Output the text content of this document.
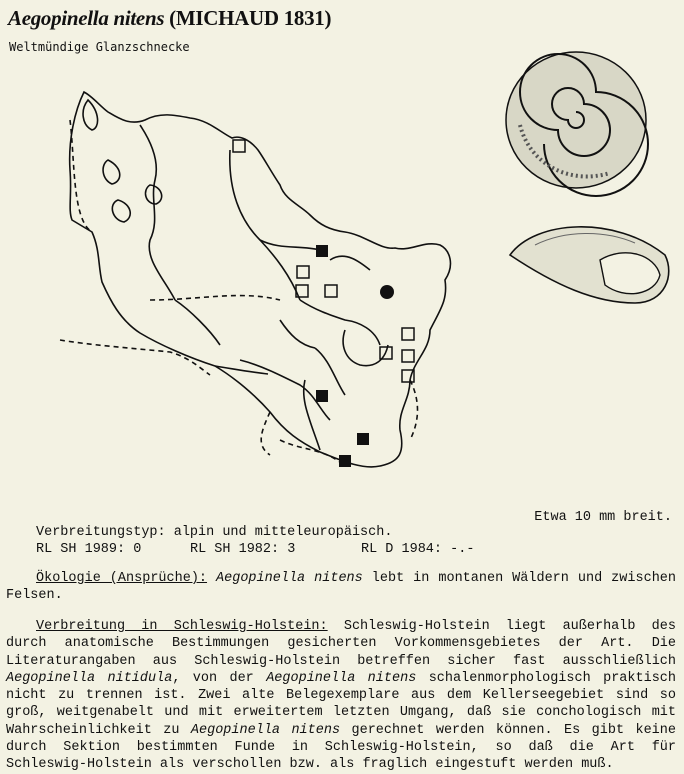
Aegopinella nitens (MICHAUD 1831)
Weltmündige Glanzschnecke
Etwa 10 mm breit.
Verbreitungstyp: alpin und mitteleuropäisch.
RL SH 1989: 0	RL SH 1982: 3	RL D 1984: -.-

Ökologie (Ansprüche): Aegopinella nitens lebt in montanen Wäldern und zwischen Felsen.

Verbreitung in Schleswig-Holstein: Schleswig-Holstein liegt außerhalb des durch anatomische Bestimmungen gesicherten Vorkommensgebietes der Art. Die Literaturangaben aus Schleswig-Holstein betreffen sicher fast ausschließlich Aegopinella nitidula, von der Aegopinella nitens schalenmorphologisch praktisch nicht zu trennen ist. Zwei alte Belegexemplare aus dem Kellerseegebiet sind so groß, weitgenabelt und mit erweitertem letzten Umgang, daß sie conchologisch mit Wahrscheinlichkeit zu Aegopinella nitens gerechnet werden können. Es gibt keine durch Sektion bestimmten Funde in Schleswig-Holstein, so daß die Art für Schleswig-Holstein als verschollen bzw. als fraglich eingestuft werden muß.
